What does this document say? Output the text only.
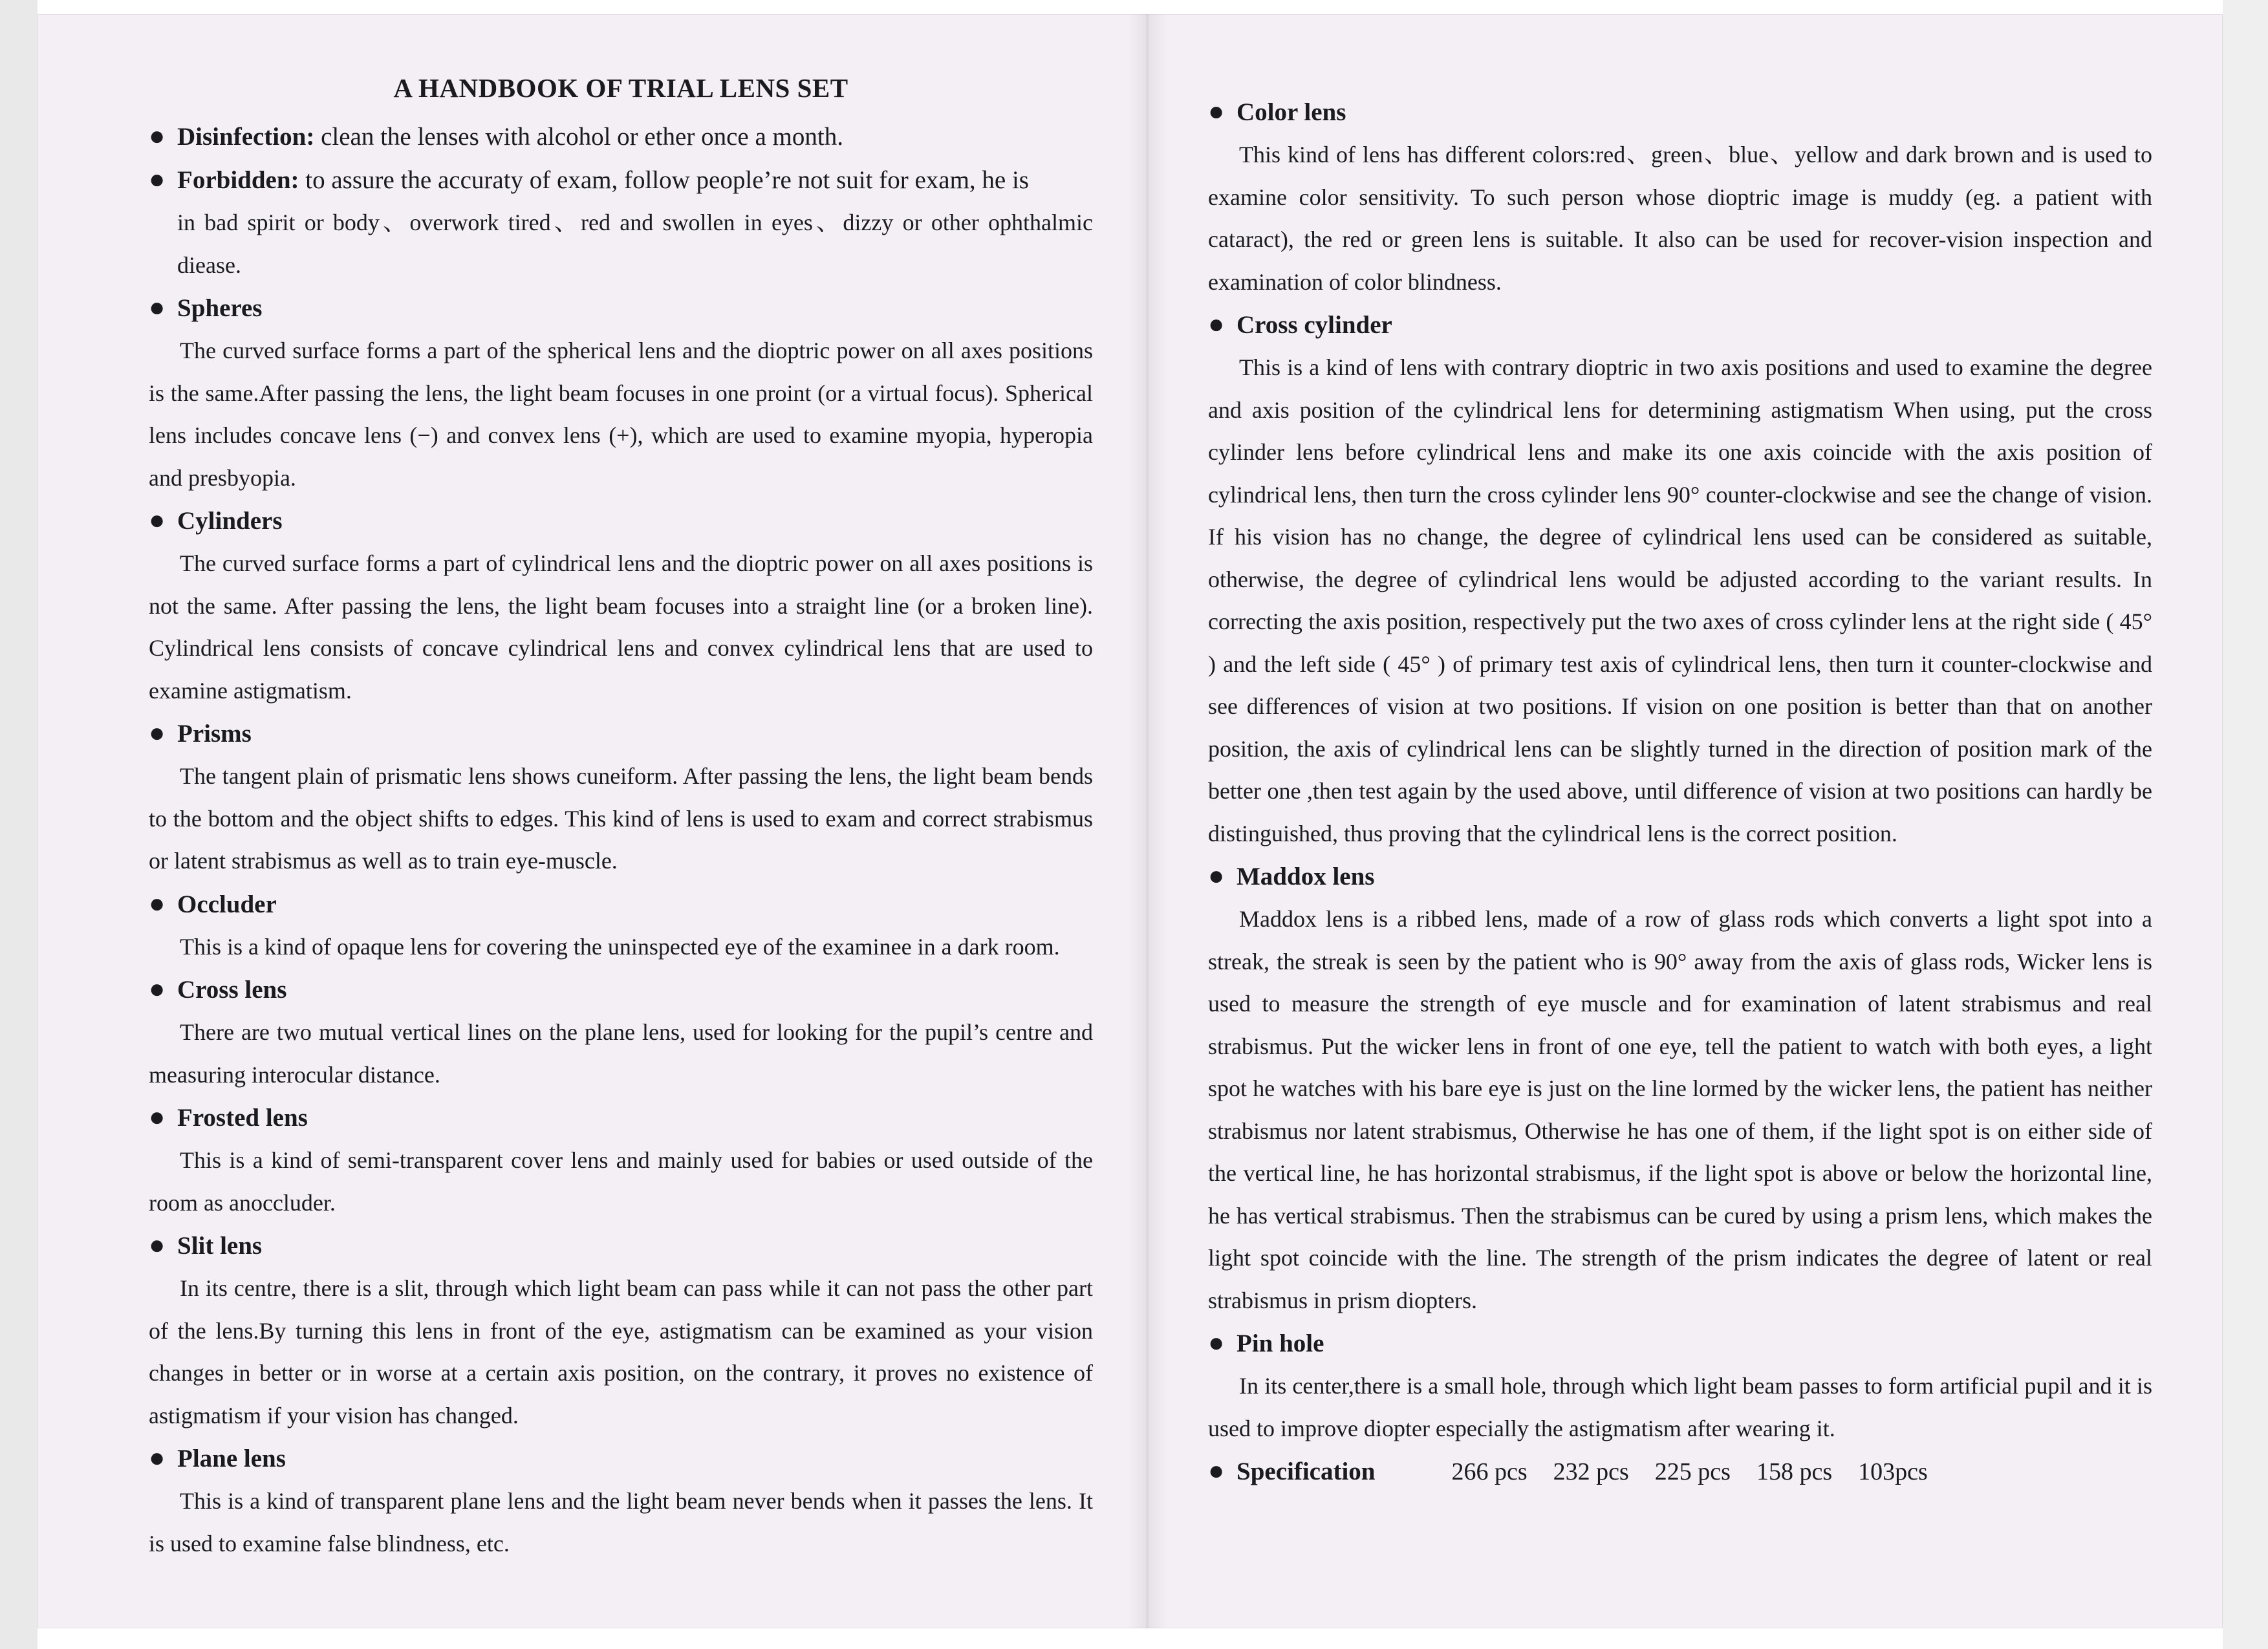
A HANDBOOK OF TRIAL LENS SET

● Disinfection: clean the lenses with alcohol or ether once a month.

● Forbidden: to assure the accuraty of exam, follow people’re not suit for exam, he is

in bad spirit or body、overwork tired、red and swollen in eyes、dizzy or other ophthalmic diease.

● Spheres

The curved surface forms a part of the spherical lens and the dioptric power on all axes positions is the same.After passing the lens, the light beam focuses in one proint (or a virtual focus). Spherical lens includes concave lens (−) and convex lens (+), which are used to examine myopia, hyperopia and presbyopia.

● Cylinders

The curved surface forms a part of cylindrical lens and the dioptric power on all axes positions is not the same. After passing the lens, the light beam focuses into a straight line (or a broken line). Cylindrical lens consists of concave cylindrical lens and convex cylindrical lens that are used to examine astigmatism.

● Prisms

The tangent plain of prismatic lens shows cuneiform. After passing the lens, the light beam bends to the bottom and the object shifts to edges. This kind of lens is used to exam and correct strabismus or latent strabismus as well as to train eye-muscle.

● Occluder

This is a kind of opaque lens for covering the uninspected eye of the examinee in a dark room.

● Cross lens

There are two mutual vertical lines on the plane lens, used for looking for the pupil’s centre and measuring interocular distance.

● Frosted lens

This is a kind of semi-transparent cover lens and mainly used for babies or used outside of the room as anoccluder.

● Slit lens

In its centre, there is a slit, through which light beam can pass while it can not pass the other part of the lens.By turning this lens in front of the eye, astigmatism can be examined as your vision changes in better or in worse at a certain axis position, on the contrary, it proves no existence of astigmatism if your vision has changed.

● Plane lens

This is a kind of transparent plane lens and the light beam never bends when it passes the lens. It is used to examine false blindness, etc.

● Color lens

This kind of lens has different colors:red、green、blue、yellow and dark brown and is used to examine color sensitivity. To such person whose dioptric image is muddy (eg. a patient with cataract), the red or green lens is suitable. It also can be used for recover-vision inspection and examination of color blindness.

● Cross cylinder

This is a kind of lens with contrary dioptric in two axis positions and used to examine the degree and axis position of the cylindrical lens for determining astigmatism When using, put the cross cylinder lens before cylindrical lens and make its one axis coincide with the axis position of cylindrical lens, then turn the cross cylinder lens 90° counter-clockwise and see the change of vision. If his vision has no change, the degree of cylindrical lens used can be considered as suitable, otherwise, the degree of cylindrical lens would be adjusted according to the variant results. In correcting the axis position, respectively put the two axes of cross cylinder lens at the right side ( 45° ) and the left side ( 45° ) of primary test axis of cylindrical lens, then turn it counter-clockwise and see differences of vision at two positions. If vision on one position is better than that on another position, the axis of cylindrical lens can be slightly turned in the direction of position mark of the better one ,then test again by the used above, until difference of vision at two positions can hardly be distinguished, thus proving that the cylindrical lens is the correct position.

● Maddox lens

Maddox lens is a ribbed lens, made of a row of glass rods which converts a light spot into a streak, the streak is seen by the patient who is 90° away from the axis of glass rods, Wicker lens is used to measure the strength of eye muscle and for examination of latent strabismus and real strabismus. Put the wicker lens in front of one eye, tell the patient to watch with both eyes, a light spot he watches with his bare eye is just on the line lormed by the wicker lens, the patient has neither strabismus nor latent strabismus, Otherwise he has one of them, if the light spot is on either side of the vertical line, he has horizontal strabismus, if the light spot is above or below the horizontal line, he has vertical strabismus. Then the strabismus can be cured by using a prism lens, which makes the light spot coincide with the line. The strength of the prism indicates the degree of latent or real strabismus in prism diopters.

● Pin hole

In its center,there is a small hole, through which light beam passes to form artificial pupil and it is used to improve diopter especially the astigmatism after wearing it.

● Specification	266 pcs 232 pcs 225 pcs 158 pcs 103pcs
